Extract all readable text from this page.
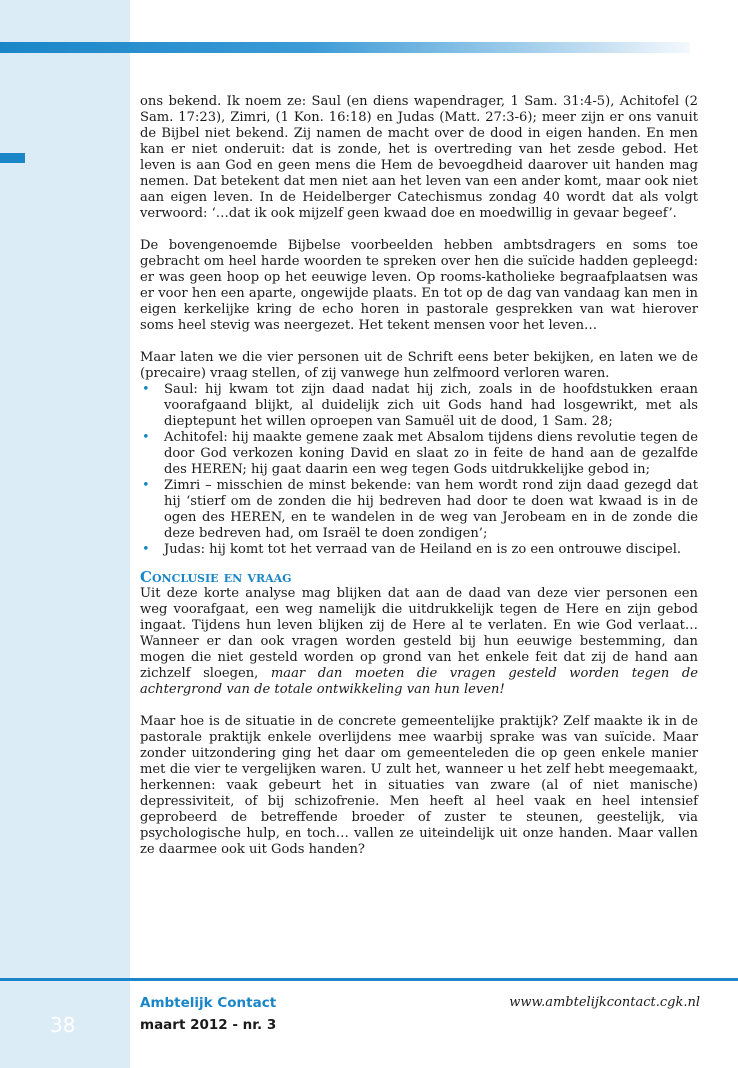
ons bekend. Ik noem ze: Saul (en diens wapendrager, 1 Sam. 31:4-5), Achitofel (2 Sam. 17:23), Zimri, (1 Kon. 16:18) en Judas (Matt. 27:3-6); meer zijn er ons vanuit de Bijbel niet bekend. Zij namen de macht over de dood in eigen handen. En men kan er niet onderuit: dat is zonde, het is overtreding van het zesde gebod. Het leven is aan God en geen mens die Hem de bevoegdheid daarover uit handen mag nemen. Dat betekent dat men niet aan het leven van een ander komt, maar ook niet aan eigen leven. In de Heidelberger Catechismus zondag 40 wordt dat als volgt verwoord: ‘…dat ik ook mijzelf geen kwaad doe en moedwillig in gevaar begeef’.

De bovengenoemde Bijbelse voorbeelden hebben ambtsdragers en soms toe gebracht om heel harde woorden te spreken over hen die suïcide hadden gepleegd: er was geen hoop op het eeuwige leven. Op rooms-katholieke begraafplaatsen was er voor hen een aparte, ongewijde plaats. En tot op de dag van vandaag kan men in eigen kerkelijke kring de echo horen in pastorale gesprekken van wat hierover soms heel stevig was neergezet. Het tekent mensen voor het leven…

Maar laten we die vier personen uit de Schrift eens beter bekijken, en laten we de (precaire) vraag stellen, of zij vanwege hun zelfmoord verloren waren.

• Saul: hij kwam tot zijn daad nadat hij zich, zoals in de hoofdstukken eraan voorafgaand blijkt, al duidelijk zich uit Gods hand had losgewrikt, met als dieptepunt het willen oproepen van Samuël uit de dood, 1 Sam. 28;
• Achitofel: hij maakte gemene zaak met Absalom tijdens diens revolutie tegen de door God verkozen koning David en slaat zo in feite de hand aan de gezalfde des HEREN; hij gaat daarin een weg tegen Gods uitdrukkelijke gebod in;
• Zimri – misschien de minst bekende: van hem wordt rond zijn daad gezegd dat hij ‘stierf om de zonden die hij bedreven had door te doen wat kwaad is in de ogen des HEREN, en te wandelen in de weg van Jerobeam en in de zonde die deze bedreven had, om Israël te doen zondigen’;
• Judas: hij komt tot het verraad van de Heiland en is zo een ontrouwe discipel.
Conclusie en vraag

Uit deze korte analyse mag blijken dat aan de daad van deze vier personen een weg voorafgaat, een weg namelijk die uitdrukkelijk tegen de Here en zijn gebod ingaat. Tijdens hun leven blijken zij de Here al te verlaten. En wie God verlaat… Wanneer er dan ook vragen worden gesteld bij hun eeuwige bestemming, dan mogen die niet gesteld worden op grond van het enkele feit dat zij de hand aan zichzelf sloegen, maar dan moeten die vragen gesteld worden tegen de achtergrond van de totale ontwikkeling van hun leven!

Maar hoe is de situatie in de concrete gemeentelijke praktijk? Zelf maakte ik in de pastorale praktijk enkele overlijdens mee waarbij sprake was van suïcide. Maar zonder uitzondering ging het daar om gemeenteleden die op geen enkele manier met die vier te vergelijken waren. U zult het, wanneer u het zelf hebt meegemaakt, herkennen: vaak gebeurt het in situaties van zware (al of niet manische) depressiviteit, of bij schizofrenie. Men heeft al heel vaak en heel intensief geprobeerd de betreffende broeder of zuster te steunen, geestelijk, via psychologische hulp, en toch… vallen ze uiteindelijk uit onze handen. Maar vallen ze daarmee ook uit Gods handen?

38
Ambtelijk Contact
maart 2012 - nr. 3
www.ambtelijkcontact.cgk.nl
